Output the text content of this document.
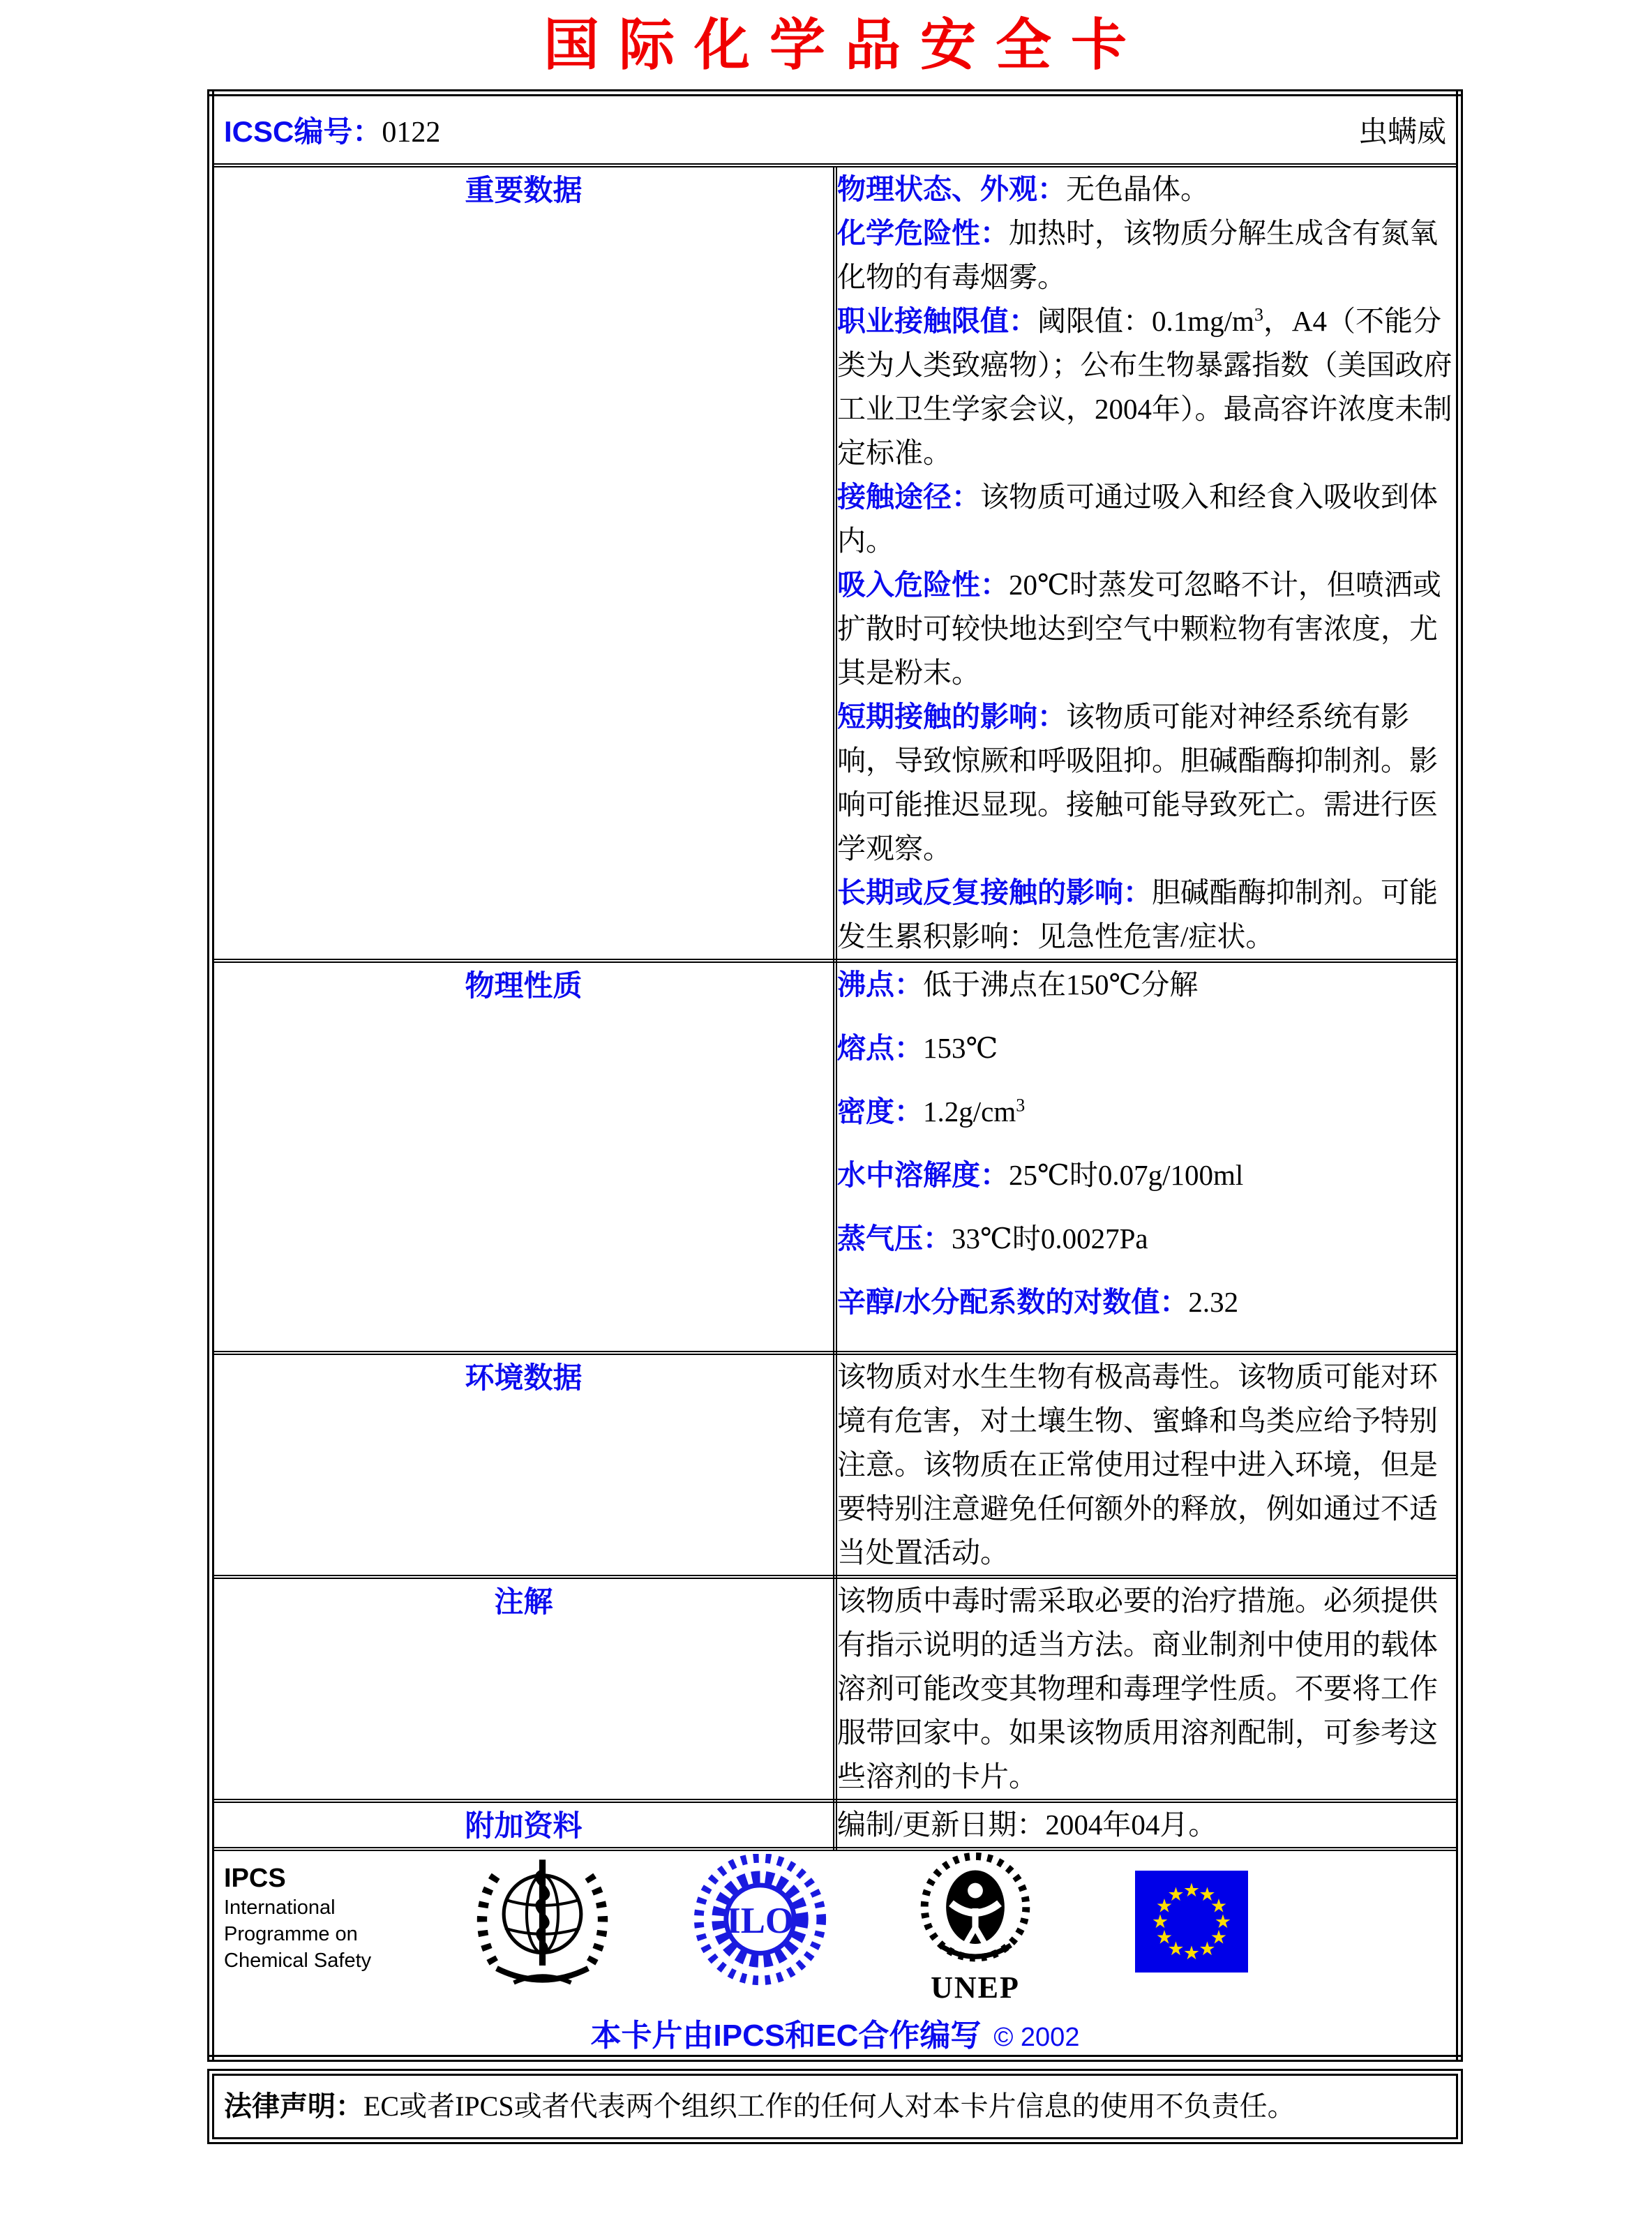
国际化学品安全卡
ICSC编号：0122 虫螨威	

重要数据	物理状态、外观：无色晶体。

化学危险性：加热时，该物质分解生成含有氮氧化物的有毒烟雾。

职业接触限值：阈限值：$0.1mg/m^3$，A4（不能分类为人类致癌物）；公布生物暴露指数（美国政府工业卫生学家会议，2004年）。最高容许浓度未制定标准。

接触途径：该物质可通过吸入和经食入吸收到体内。

吸入危险性：20℃时蒸发可忽略不计，但喷洒或扩散时可较快地达到空气中颗粒物有害浓度，尤其是粉末。

短期接触的影响：该物质可能对神经系统有影响，导致惊厥和呼吸阻抑。胆碱酯酶抑制剂。影响可能推迟显现。接触可能导致死亡。需进行医学观察。

长期或反复接触的影响：胆碱酯酶抑制剂。可能发生累积影响：见急性危害/症状。

物理性质	沸点：低于沸点在150℃分解

熔点：153℃

密度：$1.2g/cm^3$

水中溶解度：25℃时0.07g/100ml

蒸气压：33℃时0.0027Pa

辛醇/水分配系数的对数值：2.32

环境数据	该物质对水生生物有极高毒性。该物质可能对环境有危害，对土壤生物、蜜蜂和鸟类应给予特别注意。该物质在正常使用过程中进入环境，但是要特别注意避免任何额外的释放，例如通过不适当处置活动。
注解	该物质中毒时需采取必要的治疗措施。必须提供有指示说明的适当方法。商业制剂中使用的载体溶剂可能改变其物理和毒理学性质。不要将工作服带回家中。如果该物质用溶剂配制，可参考这些溶剂的卡片。
附加资料	编制/更新日期：2004年04月。

IPCS
International
Programme on
Chemical Safety
ILO
UNEP
★
★
★
★
★
★
★
★
★
★
★
★
本卡片由IPCS和EC合作编写 © 2002
法律声明：EC或者IPCS或者代表两个组织工作的任何人对本卡片信息的使用不负责任。
